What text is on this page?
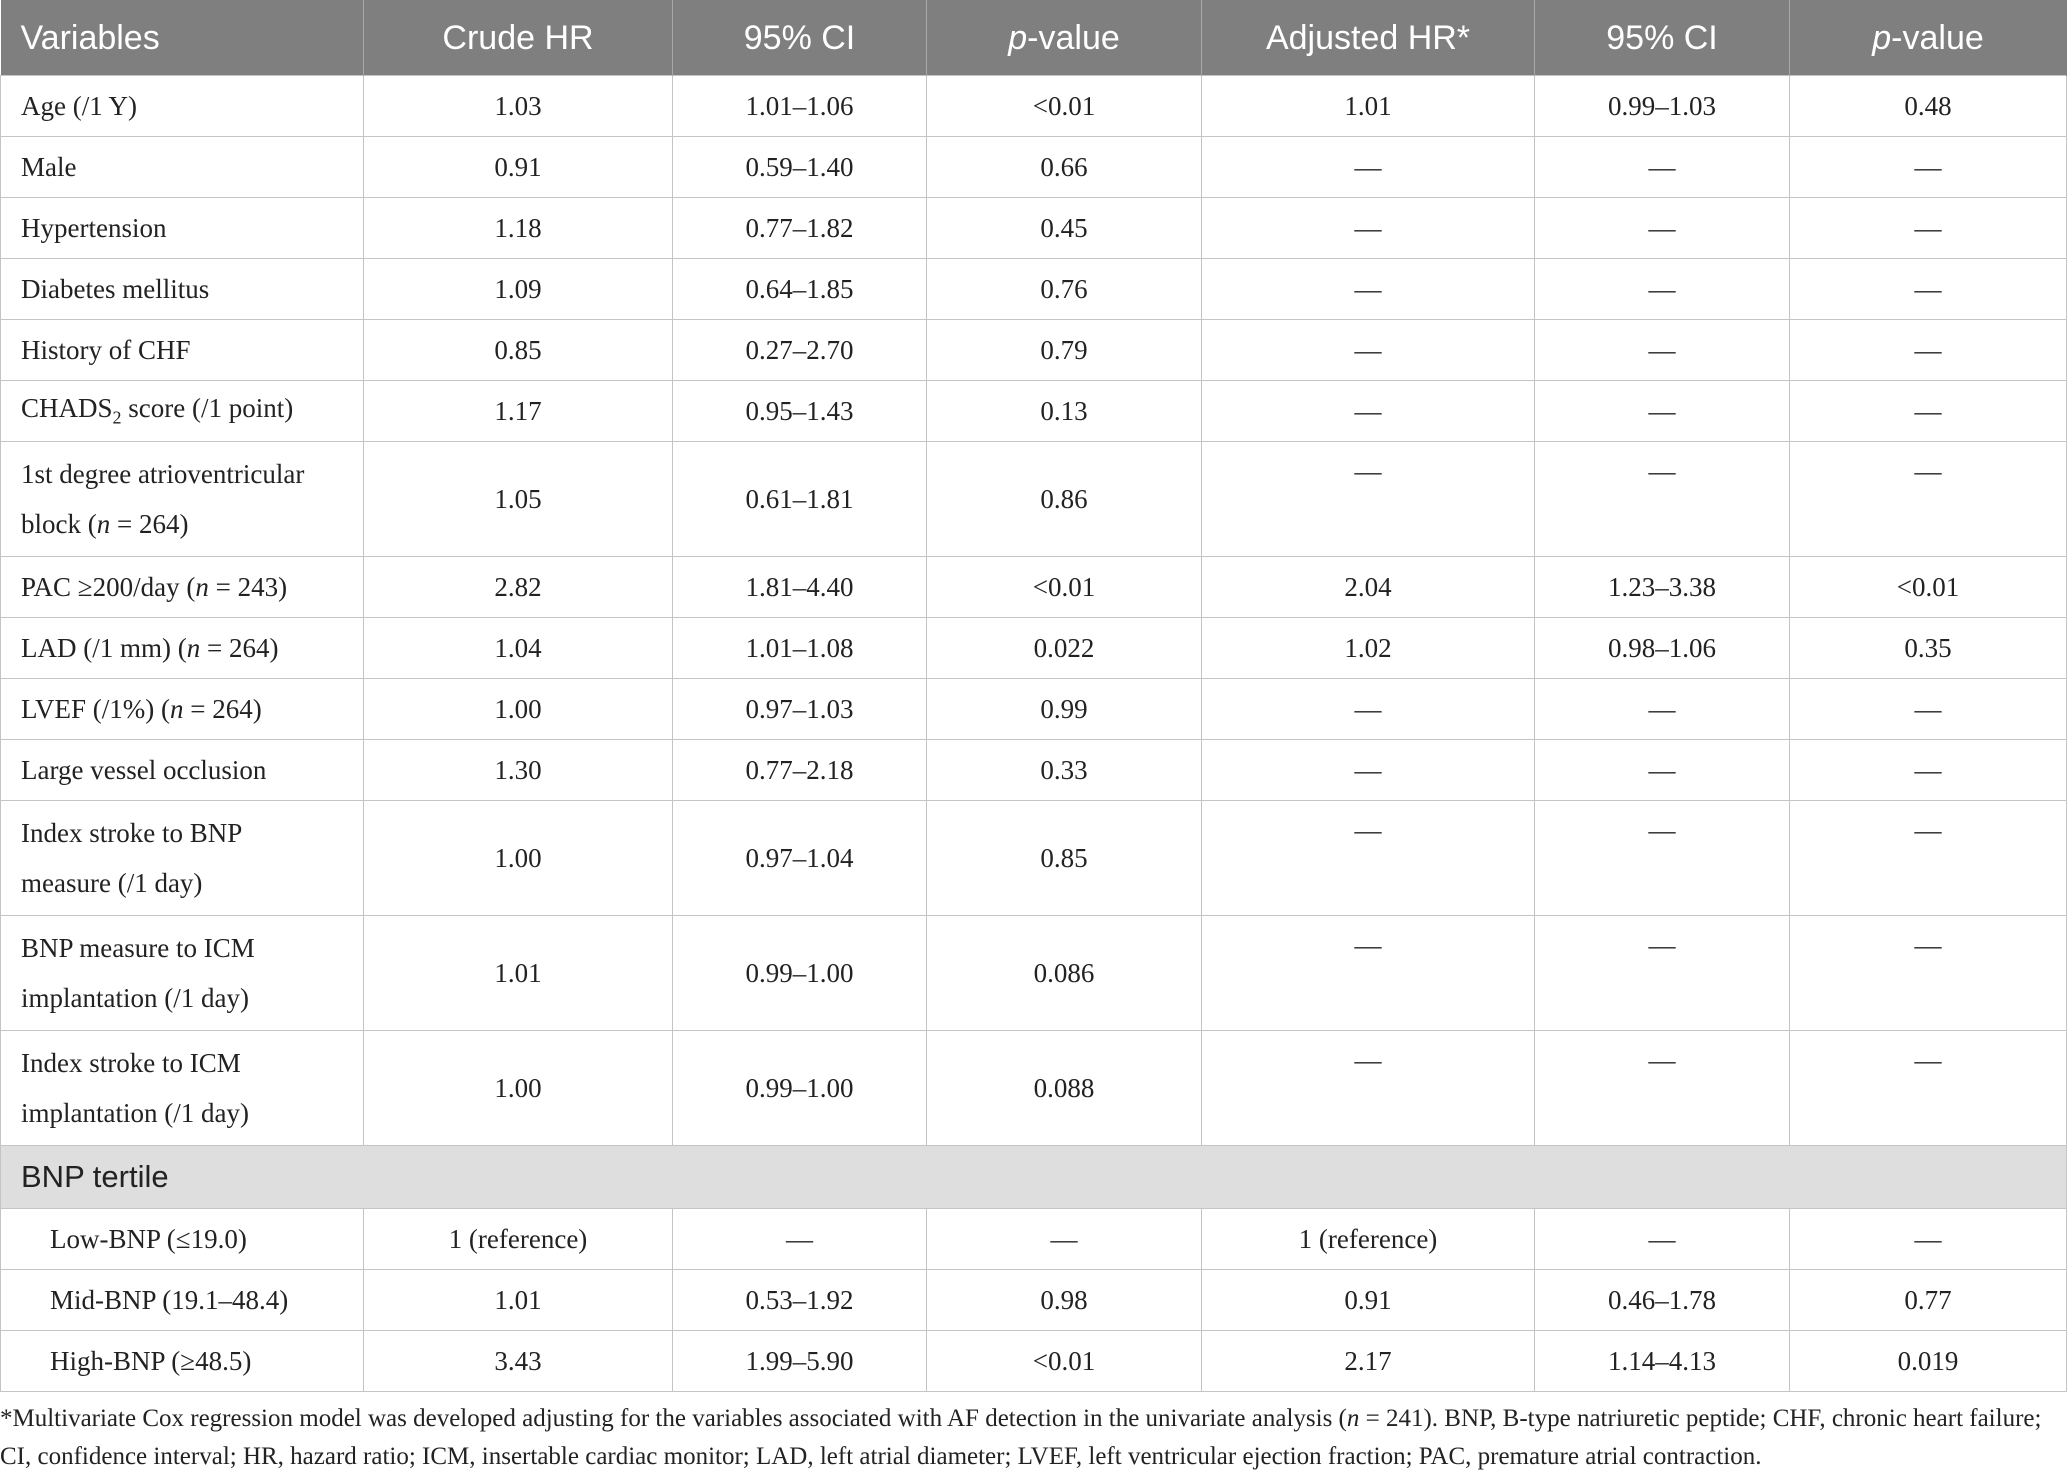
Variables	Crude HR	95% CI	p-value	Adjusted HR*	95% CI	p-value
Age (/1 Y)	1.03	1.01–1.06	<0.01	1.01	0.99–1.03	0.48
Male	0.91	0.59–1.40	0.66	—	—	—
Hypertension	1.18	0.77–1.82	0.45	—	—	—
Diabetes mellitus	1.09	0.64–1.85	0.76	—	—	—
History of CHF	0.85	0.27–2.70	0.79	—	—	—
$CHADS_2$ score (/1 point)	1.17	0.95–1.43	0.13	—	—	—
1st degree atrioventricular
block (n = 264)	1.05	0.61–1.81	0.86	—	—	—
PAC ≥200/day (n = 243)	2.82	1.81–4.40	<0.01	2.04	1.23–3.38	<0.01
LAD (/1 mm) (n = 264)	1.04	1.01–1.08	0.022	1.02	0.98–1.06	0.35
LVEF (/1%) (n = 264)	1.00	0.97–1.03	0.99	—	—	—
Large vessel occlusion	1.30	0.77–2.18	0.33	—	—	—
Index stroke to BNP
measure (/1 day)	1.00	0.97–1.04	0.85	—	—	—
BNP measure to ICM
implantation (/1 day)	1.01	0.99–1.00	0.086	—	—	—
Index stroke to ICM
implantation (/1 day)	1.00	0.99–1.00	0.088	—	—	—
BNP tertile						
Low-BNP (≤19.0)	1 (reference)	—	—	1 (reference)	—	—
Mid-BNP (19.1–48.4)	1.01	0.53–1.92	0.98	0.91	0.46–1.78	0.77
High-BNP (≥48.5)	3.43	1.99–5.90	<0.01	2.17	1.14–4.13	0.019
*Multivariate Cox regression model was developed adjusting for the variables associated with AF detection in the univariate analysis (n = 241). BNP, B-type natriuretic peptide; CHF, chronic heart failure; CI, confidence interval; HR, hazard ratio; ICM, insertable cardiac monitor; LAD, left atrial diameter; LVEF, left ventricular ejection fraction; PAC, premature atrial contraction.
